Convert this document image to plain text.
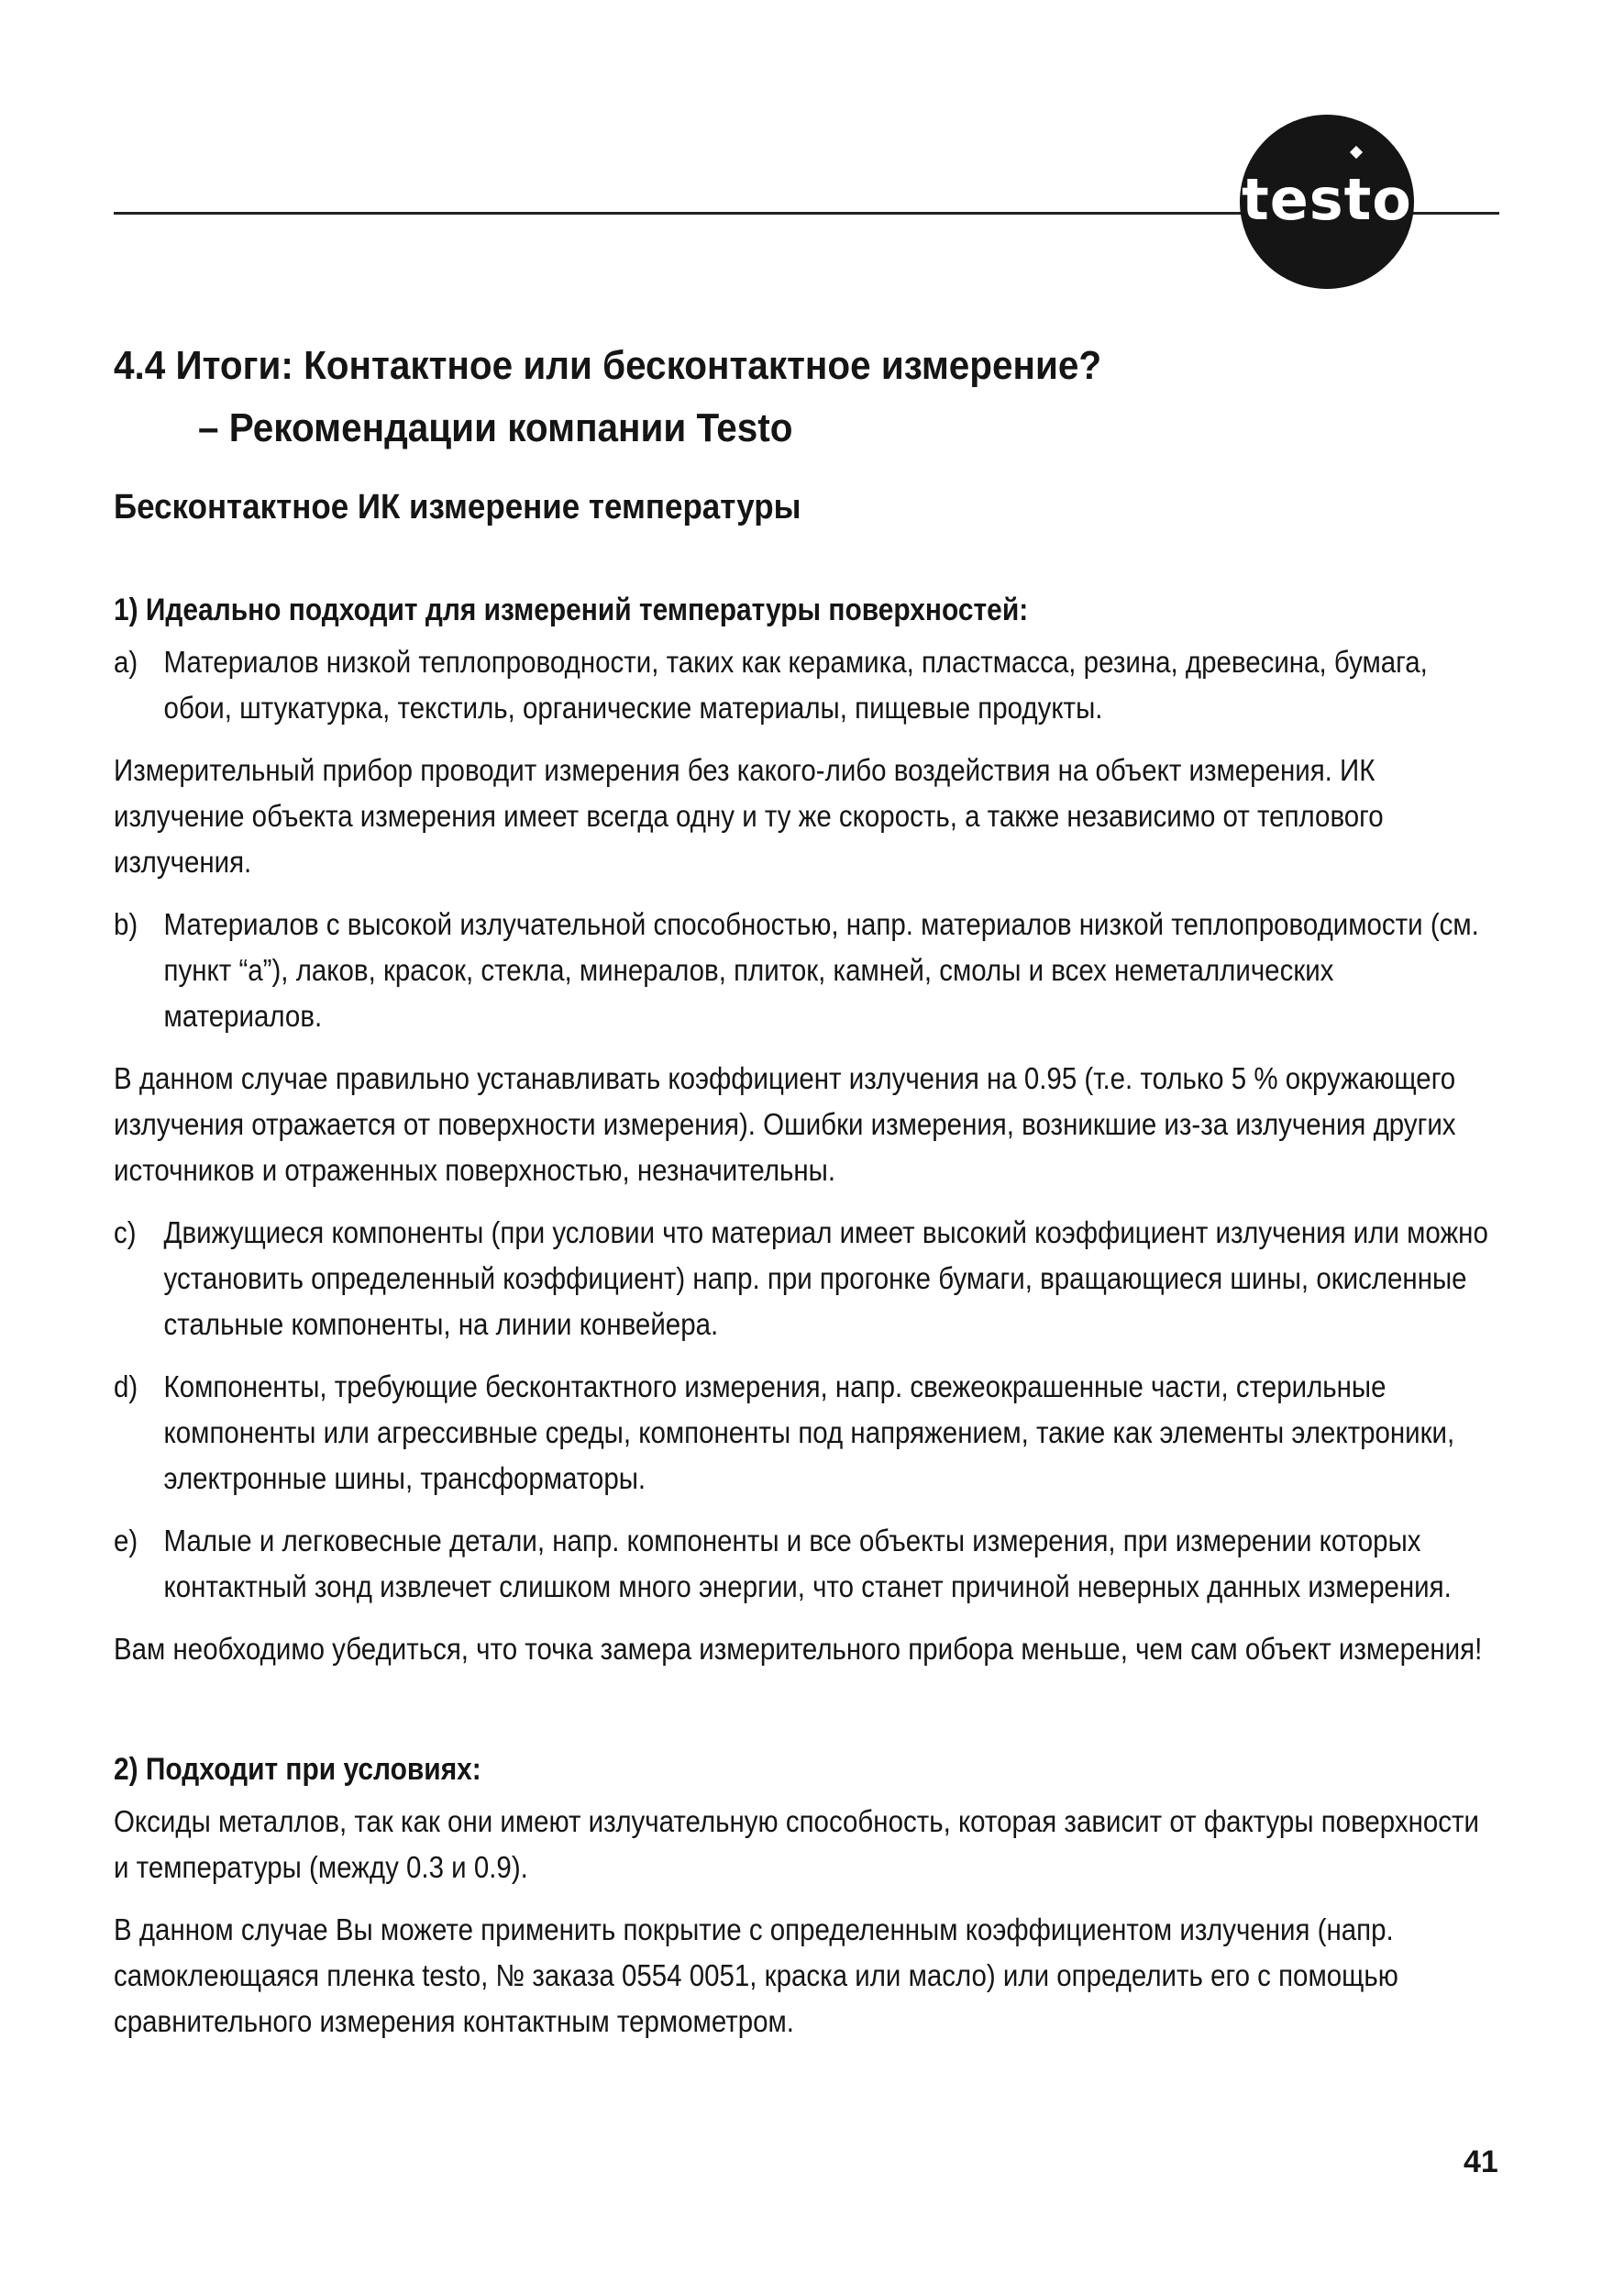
testo
4.4 Итоги: Контактное или бесконтактное измерение?
– Рекомендации компании Testo
Бесконтактное ИК измерение температуры
1) Идеально подходит для измерений температуры поверхностей:
a) Материалов низкой теплопроводности, таких как керамика, пластмасса, резина, древесина, бумага, обои, штукатурка, текстиль, органические материалы, пищевые продукты.
Измерительный прибор проводит измерения без какого-либо воздействия на объект измерения. ИК излучение объекта измерения имеет всегда одну и ту же скорость, а также независимо от теплового излучения.
b) Материалов с высокой излучательной способностью, напр. материалов низкой теплопроводимости (см. пункт “a”), лаков, красок, стекла, минералов, плиток, камней, смолы и всех неметаллических материалов.
В данном случае правильно устанавливать коэффициент излучения на 0.95 (т.е. только 5 % окружающего излучения отражается от поверхности измерения). Ошибки измерения, возникшие из-за излучения других источников и отраженных поверхностью, незначительны.
c) Движущиеся компоненты (при условии что материал имеет высокий коэффициент излучения или можно установить определенный коэффициент) напр. при прогонке бумаги, вращающиеся шины, окисленные стальные компоненты, на линии конвейера.
d) Компоненты, требующие бесконтактного измерения, напр. свежеокрашенные части, стерильные компоненты или агрессивные среды, компоненты под напряжением, такие как элементы электроники, электронные шины, трансформаторы.
e) Малые и легковесные детали, напр. компоненты и все объекты измерения, при измерении которых контактный зонд извлечет слишком много энергии, что станет причиной неверных данных измерения.
Вам необходимо убедиться, что точка замера измерительного прибора меньше, чем сам объект измерения!
2) Подходит при условиях:
Оксиды металлов, так как они имеют излучательную способность, которая зависит от фактуры поверхности и температуры (между 0.3 и 0.9).
В данном случае Вы можете применить покрытие с определенным коэффициентом излучения (напр. самоклеющаяся пленка testo, № заказа 0554 0051, краска или масло) или определить его с помощью сравнительного измерения контактным термометром.
41
